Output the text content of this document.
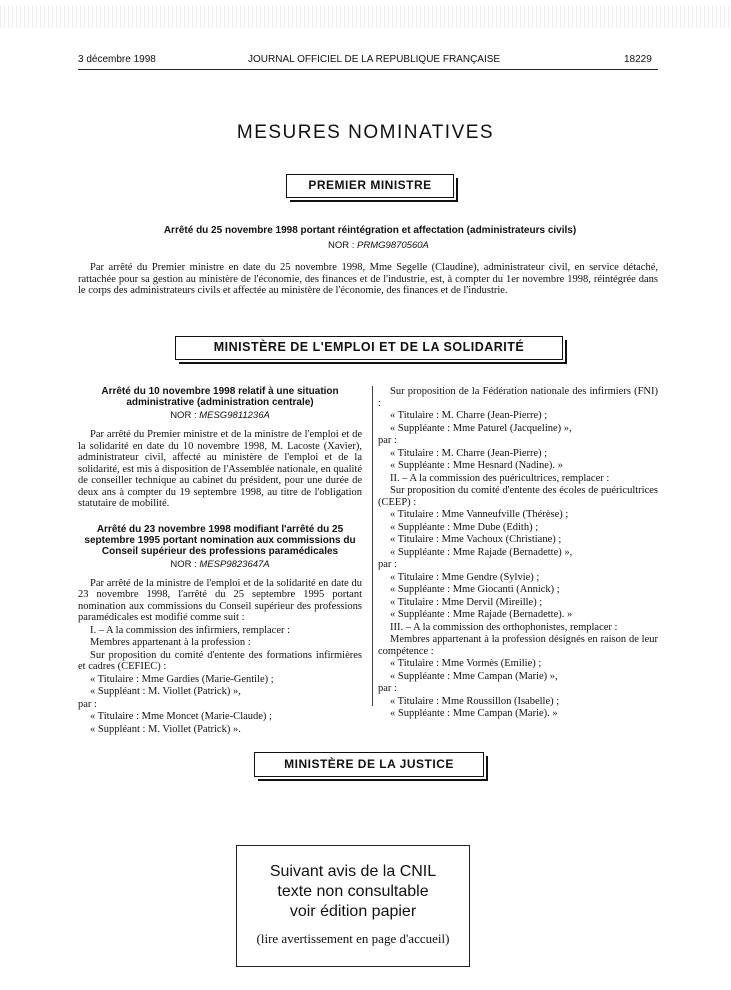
3 décembre 1998	JOURNAL OFFICIEL DE LA REPUBLIQUE FRANÇAISE	18229
MESURES NOMINATIVES
PREMIER MINISTRE
Arrêté du 25 novembre 1998 portant réintégration et affectation (administrateurs civils)
NOR : PRMG9870560A
Par arrêté du Premier ministre en date du 25 novembre 1998, Mme Segelle (Claudine), administrateur civil, en service détaché, rattachée pour sa gestion au ministère de l'économie, des finances et de l'industrie, est, à compter du 1er novembre 1998, réintégrée dans le corps des administrateurs civils et affectée au ministère de l'économie, des finances et de l'industrie.
MINISTÈRE DE L'EMPLOI ET DE LA SOLIDARITÉ
Arrêté du 10 novembre 1998 relatif à une situation administrative (administration centrale)
NOR : MESG9811236A
Par arrêté du Premier ministre et de la ministre de l'emploi et de la solidarité en date du 10 novembre 1998, M. Lacoste (Xavier), administrateur civil, affecté au ministère de l'emploi et de la solidarité, est mis à disposition de l'Assemblée nationale, en qualité de conseiller technique au cabinet du président, pour une durée de deux ans à compter du 19 septembre 1998, au titre de l'obligation statutaire de mobilité.
Arrêté du 23 novembre 1998 modifiant l'arrêté du 25 septembre 1995 portant nomination aux commissions du Conseil supérieur des professions paramédicales
NOR : MESP9823647A
Par arrêté de la ministre de l'emploi et de la solidarité en date du 23 novembre 1998, l'arrêté du 25 septembre 1995 portant nomination aux commissions du Conseil supérieur des professions paramédicales est modifié comme suit :
I. – A la commission des infirmiers, remplacer :
Membres appartenant à la profession :
Sur proposition du comité d'entente des formations infirmières et cadres (CEFIEC) :
« Titulaire : Mme Gardies (Marie-Gentile) ;
« Suppléant : M. Viollet (Patrick) »,
par :
« Titulaire : Mme Moncet (Marie-Claude) ;
« Suppléant : M. Viollet (Patrick) ».
Sur proposition de la Fédération nationale des infirmiers (FNI) :
« Titulaire : M. Charre (Jean-Pierre) ;
« Suppléante : Mme Paturel (Jacqueline) »,
par :
« Titulaire : M. Charre (Jean-Pierre) ;
« Suppléante : Mme Hesnard (Nadine). »
II. – A la commission des puéricultrices, remplacer :
Sur proposition du comité d'entente des écoles de puéricultrices (CEEP) :
« Titulaire : Mme Vanneufville (Thérèse) ;
« Suppléante : Mme Dube (Edith) ;
« Titulaire : Mme Vachoux (Christiane) ;
« Suppléante : Mme Rajade (Bernadette) »,
par :
« Titulaire : Mme Gendre (Sylvie) ;
« Suppléante : Mme Giocanti (Annick) ;
« Titulaire : Mme Dervil (Mireille) ;
« Suppléante : Mme Rajade (Bernadette). »
III. – A la commission des orthophonistes, remplacer :
Membres appartenant à la profession désignés en raison de leur compétence :
« Titulaire : Mme Vormès (Emilie) ;
« Suppléante : Mme Campan (Marie) »,
par :
« Titulaire : Mme Roussillon (Isabelle) ;
« Suppléante : Mme Campan (Marie). »
MINISTÈRE DE LA JUSTICE
Suivant avis de la CNIL
texte non consultable
voir édition papier
(lire avertissement en page d'accueil)
